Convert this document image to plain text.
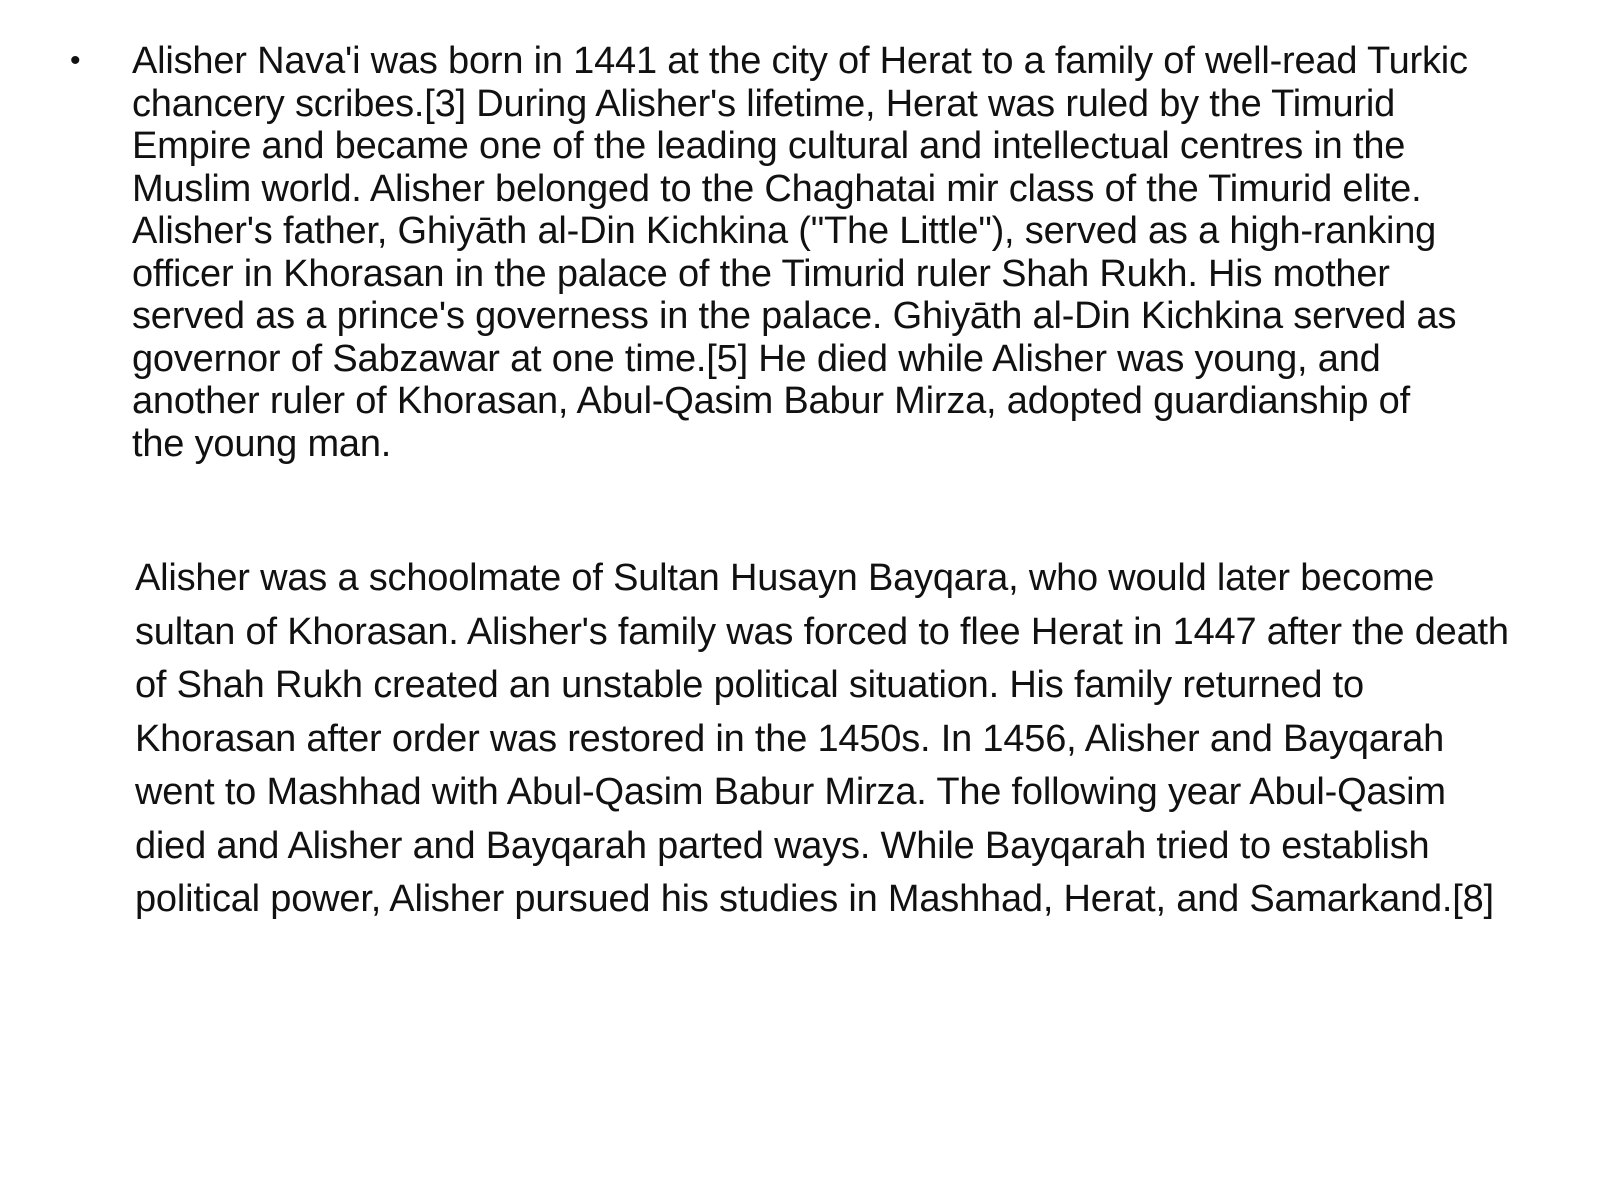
•	Alisher Nava'i was born in 1441 at the city of Herat to a family of well-read Turkic chancery scribes.[3] During Alisher's lifetime, Herat was ruled by the Timurid Empire and became one of the leading cultural and intellectual centres in the Muslim world. Alisher belonged to the Chaghatai mir class of the Timurid elite. Alisher's father, Ghiyāth al-Din Kichkina ("The Little"), served as a high-ranking officer in Khorasan in the palace of the Timurid ruler Shah Rukh. His mother served as a prince's governess in the palace. Ghiyāth al-Din Kichkina served as governor of Sabzawar at one time.[5] He died while Alisher was young, and another ruler of Khorasan, Abul-Qasim Babur Mirza, adopted guardianship of the young man.

Alisher was a schoolmate of Sultan Husayn Bayqara, who would later become sultan of Khorasan. Alisher's family was forced to flee Herat in 1447 after the death of Shah Rukh created an unstable political situation. His family returned to Khorasan after order was restored in the 1450s. In 1456, Alisher and Bayqarah went to Mashhad with Abul-Qasim Babur Mirza. The following year Abul-Qasim died and Alisher and Bayqarah parted ways. While Bayqarah tried to establish political power, Alisher pursued his studies in Mashhad, Herat, and Samarkand.[8]
